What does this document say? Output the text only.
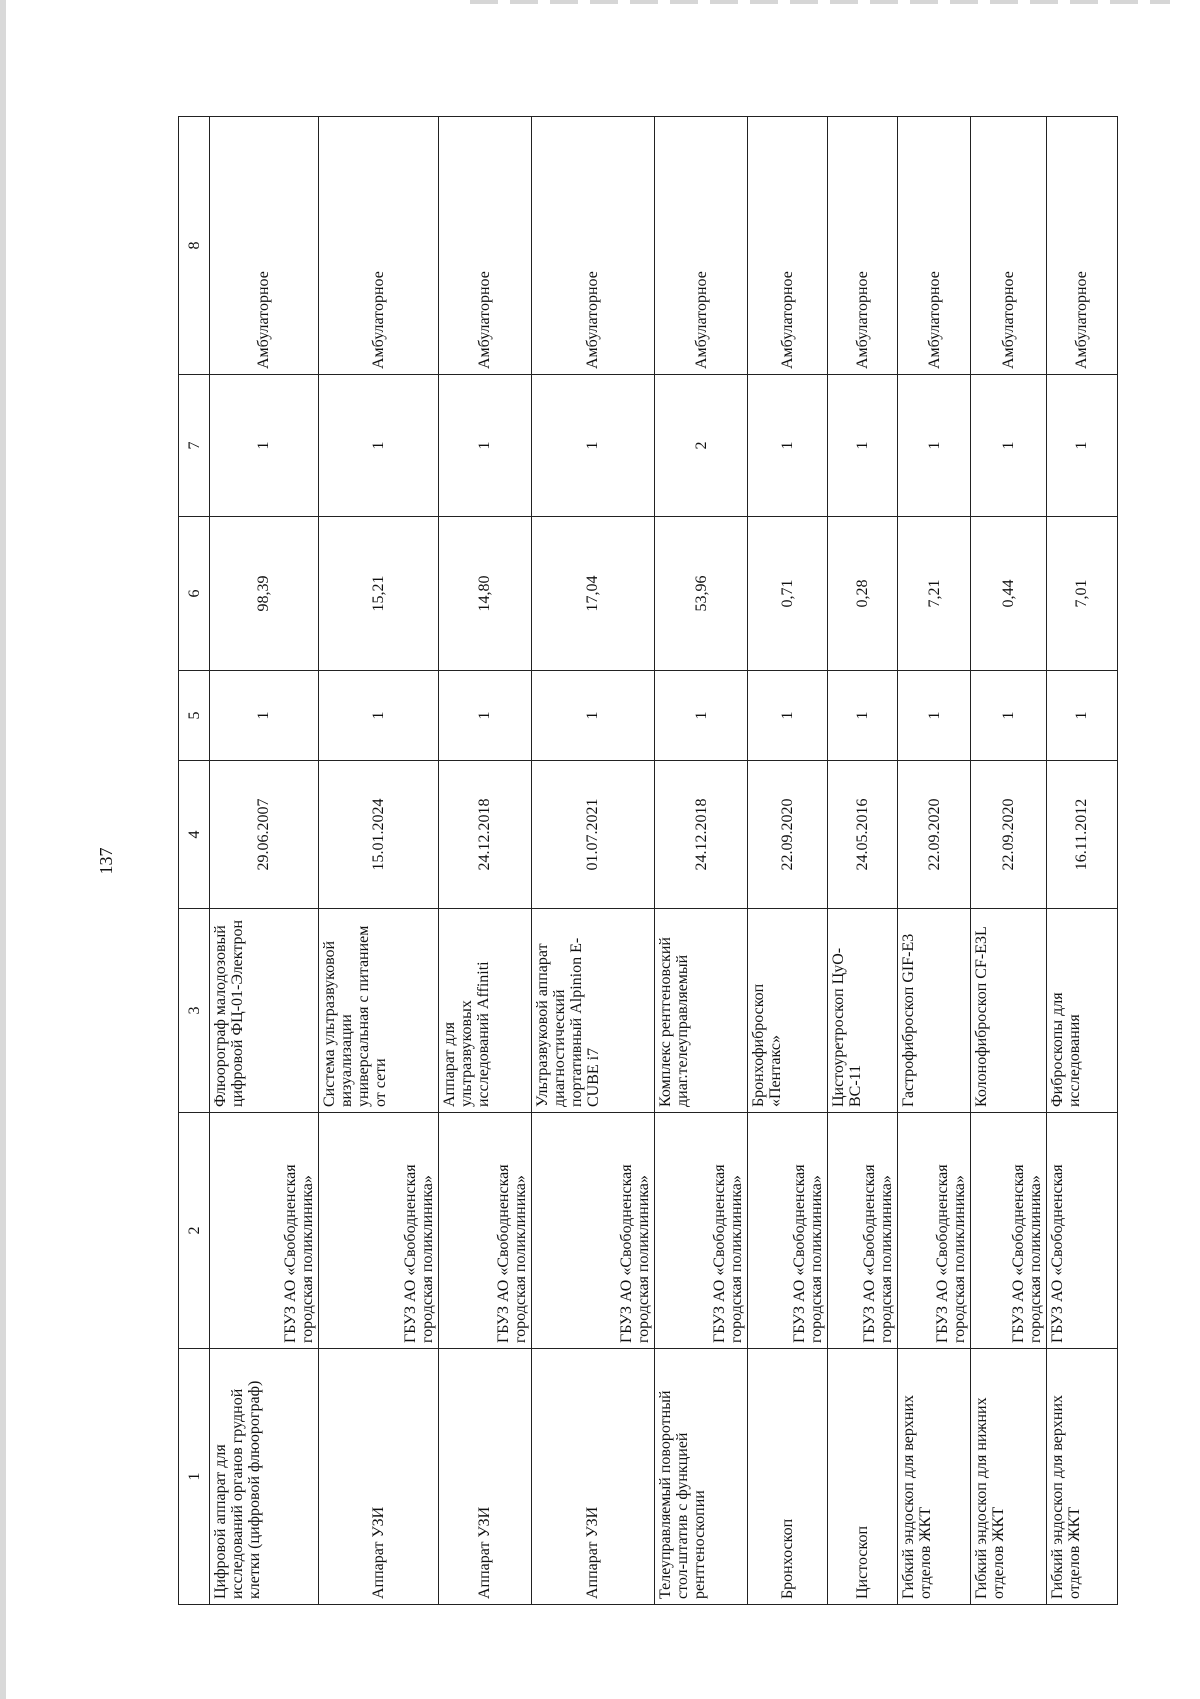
137
1	2	3	4	5	6	7	8
Цифровой аппарат для исследований органов грудной клетки (цифровой флюорограф)	ГБУЗ АО «Свободненская городская поликлиника»	Флюорограф малодозовый цифровой ФЦ-01-Электрон	29.06.2007	1	98,39	1	Амбулаторное
Аппарат УЗИ	ГБУЗ АО «Свободненская городская поликлиника»	Система ультразвуковой визуализации универсальная с питанием от сети	15.01.2024	1	15,21	1	Амбулаторное
Аппарат УЗИ	ГБУЗ АО «Свободненская городская поликлиника»	Аппарат для ультразвуковых исследований Affiniti	24.12.2018	1	14,80	1	Амбулаторное
Аппарат УЗИ	ГБУЗ АО «Свободненская городская поликлиника»	Ультразвуковой аппарат диагностический портативный Alpinion E-CUBE i7	01.07.2021	1	17,04	1	Амбулаторное
Телеуправляемый поворотный стол-штатив с функцией рентгеноскопии	ГБУЗ АО «Свободненская городская поликлиника»	Комплекс рентгеновский диаг.телеуправляемый	24.12.2018	1	53,96	2	Амбулаторное
Бронхоскоп	ГБУЗ АО «Свободненская городская поликлиника»	Бронхофиброскоп «Пентакс»	22.09.2020	1	0,71	1	Амбулаторное
Цистоскоп	ГБУЗ АО «Свободненская городская поликлиника»	Цистоуретроскоп ЦуО-ВС-11	24.05.2016	1	0,28	1	Амбулаторное
Гибкий эндоскоп для верхних отделов ЖКТ	ГБУЗ АО «Свободненская городская поликлиника»	Гастрофиброскоп GIF-E3	22.09.2020	1	7,21	1	Амбулаторное
Гибкий эндоскоп для нижних отделов ЖКТ	ГБУЗ АО «Свободненская городская поликлиника»	Колонофиброскоп CF-E3L	22.09.2020	1	0,44	1	Амбулаторное
Гибкий эндоскоп для верхних отделов ЖКТ	ГБУЗ АО «Свободненская	Фиброскопы для исследования	16.11.2012	1	7,01	1	Амбулаторное
